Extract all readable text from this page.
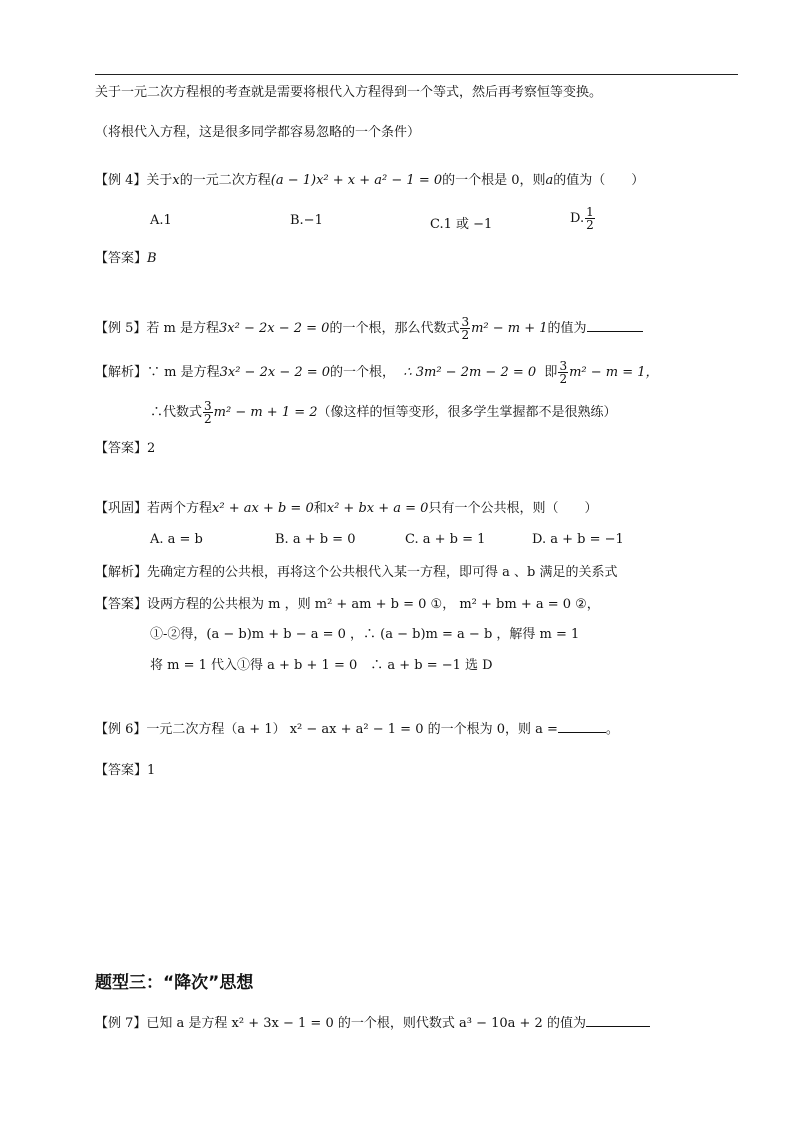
关于一元二次方程根的考查就是需要将根代入方程得到一个等式，然后再考察恒等变换。
（将根代入方程，这是很多同学都容易忽略的一个条件）
【例 4】关于x的一元二次方程(a − 1)x² + x + a² − 1 = 0的一个根是 0，则a的值为（　　）
A.1	B.−1	C.1 或 −1	D. $\frac{1}{2}$
【答案】B
【例 5】若 m 是方程3x² − 2x − 2 = 0的一个根，那么代数式 $\frac{3}{2} m^2 - m + 1$的值为
【解析】∵ m 是方程3x² − 2x − 2 = 0的一个根， ∴ 3m² − 2m − 2 = 0 即 $\frac{3}{2} m^2 - m = 1$，
∴代数式 $\frac{3}{2} m^2 - m + 1 = 2$（像这样的恒等变形，很多学生掌握都不是很熟练）
【答案】2
【巩固】若两个方程x² + ax + b = 0和x² + bx + a = 0只有一个公共根，则（　　）
A. a = b	B. a + b = 0	C. a + b = 1	D. a + b = −1
【解析】先确定方程的公共根，再将这个公共根代入某一方程，即可得 a 、b 满足的关系式
【答案】设两方程的公共根为 m ，则 m² + am + b = 0 ①， m² + bm + a = 0 ②，
①-②得，(a − b)m + b − a = 0 ，∴ (a − b)m = a − b ，解得 m = 1
将 m = 1 代入①得 a + b + 1 = 0　∴ a + b = −1 选 D
【例 6】一元二次方程（a + 1） x² − ax + a² − 1 = 0 的一个根为 0，则 a =	。
【答案】1
题型三：“降次”思想
【例 7】已知 a 是方程 x² + 3x − 1 = 0 的一个根，则代数式 a³ − 10a + 2 的值为
